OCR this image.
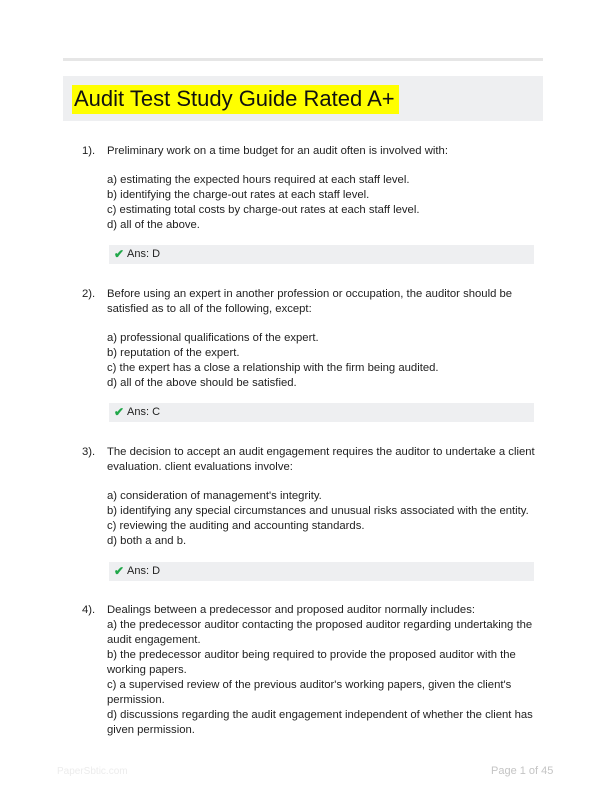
Audit Test Study Guide Rated A+
1). Preliminary work on a time budget for an audit often is involved with:

a) estimating the expected hours required at each staff level.
b) identifying the charge-out rates at each staff level.
c) estimating total costs by charge-out rates at each staff level.
d) all of the above.
✔ Ans: D
2). Before using an expert in another profession or occupation, the auditor should be satisfied as to all of the following, except:

a) professional qualifications of the expert.
b) reputation of the expert.
c) the expert has a close a relationship with the firm being audited.
d) all of the above should be satisfied.
✔ Ans: C
3). The decision to accept an audit engagement requires the auditor to undertake a client evaluation. client evaluations involve:

a) consideration of management's integrity.
b) identifying any special circumstances and unusual risks associated with the entity.
c) reviewing the auditing and accounting standards.
d) both a and b.
✔ Ans: D
4). Dealings between a predecessor and proposed auditor normally includes:

a) the predecessor auditor contacting the proposed auditor regarding undertaking the audit engagement.
b) the predecessor auditor being required to provide the proposed auditor with the working papers.
c) a supervised review of the previous auditor's working papers, given the client's permission.
d) discussions regarding the audit engagement independent of whether the client has given permission.
PaperSbtic.com	Page 1 of 45
